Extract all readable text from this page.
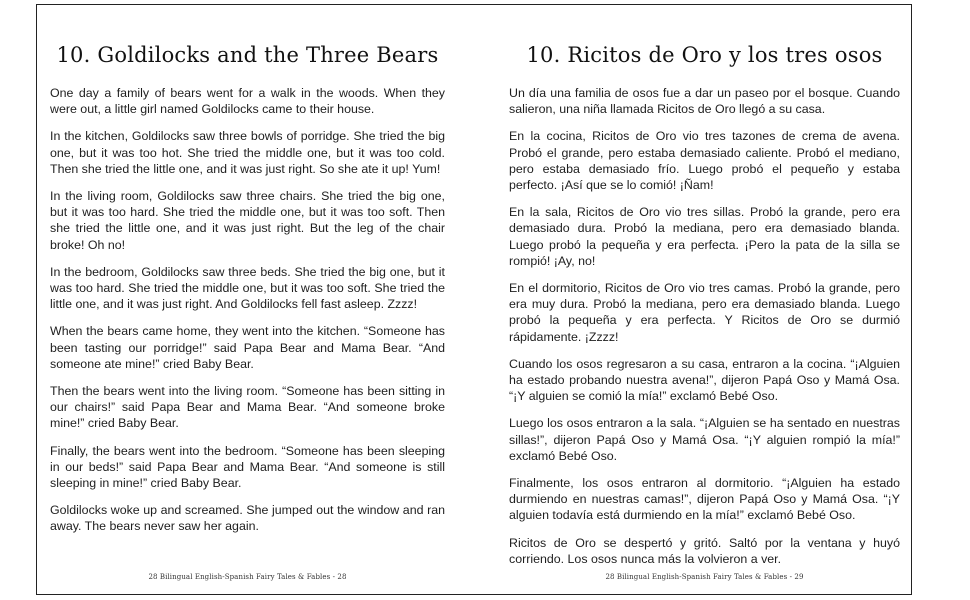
10. Goldilocks and the Three Bears

One day a family of bears went for a walk in the woods. When they were out, a little girl named Goldilocks came to their house.

In the kitchen, Goldilocks saw three bowls of porridge. She tried the big one, but it was too hot. She tried the middle one, but it was too cold. Then she tried the little one, and it was just right. So she ate it up! Yum!

In the living room, Goldilocks saw three chairs. She tried the big one, but it was too hard. She tried the middle one, but it was too soft. Then she tried the little one, and it was just right. But the leg of the chair broke! Oh no!

In the bedroom, Goldilocks saw three beds. She tried the big one, but it was too hard. She tried the middle one, but it was too soft. She tried the little one, and it was just right. And Goldilocks fell fast asleep. Zzzz!

When the bears came home, they went into the kitchen. “Someone has been tasting our porridge!” said Papa Bear and Mama Bear. “And someone ate mine!” cried Baby Bear.

Then the bears went into the living room. “Someone has been sitting in our chairs!” said Papa Bear and Mama Bear. “And someone broke mine!” cried Baby Bear.

Finally, the bears went into the bedroom. “Someone has been sleeping in our beds!” said Papa Bear and Mama Bear. “And someone is still sleeping in mine!” cried Baby Bear.

Goldilocks woke up and screamed. She jumped out the window and ran away. The bears never saw her again.

28 Bilingual English-Spanish Fairy Tales & Fables - 28
10. Ricitos de Oro y los tres osos

Un día una familia de osos fue a dar un paseo por el bosque. Cuando salieron, una niña llamada Ricitos de Oro llegó a su casa.

En la cocina, Ricitos de Oro vio tres tazones de crema de avena. Probó el grande, pero estaba demasiado caliente. Probó el mediano, pero estaba demasiado frío. Luego probó el pequeño y estaba perfecto. ¡Así que se lo comió! ¡Ñam!

En la sala, Ricitos de Oro vio tres sillas. Probó la grande, pero era demasiado dura. Probó la mediana, pero era demasiado blanda. Luego probó la pequeña y era perfecta. ¡Pero la pata de la silla se rompió! ¡Ay, no!

En el dormitorio, Ricitos de Oro vio tres camas. Probó la grande, pero era muy dura. Probó la mediana, pero era demasiado blanda. Luego probó la pequeña y era perfecta. Y Ricitos de Oro se durmió rápidamente. ¡Zzzz!

Cuando los osos regresaron a su casa, entraron a la cocina. “¡Alguien ha estado probando nuestra avena!”, dijeron Papá Oso y Mamá Osa. “¡Y alguien se comió la mía!” exclamó Bebé Oso.

Luego los osos entraron a la sala. “¡Alguien se ha sentado en nuestras sillas!”, dijeron Papá Oso y Mamá Osa. “¡Y alguien rompió la mía!” exclamó Bebé Oso.

Finalmente, los osos entraron al dormitorio. “¡Alguien ha estado durmiendo en nuestras camas!”, dijeron Papá Oso y Mamá Osa. “¡Y alguien todavía está durmiendo en la mía!” exclamó Bebé Oso.

Ricitos de Oro se despertó y gritó. Saltó por la ventana y huyó corriendo. Los osos nunca más la volvieron a ver.

28 Bilingual English-Spanish Fairy Tales & Fables - 29
